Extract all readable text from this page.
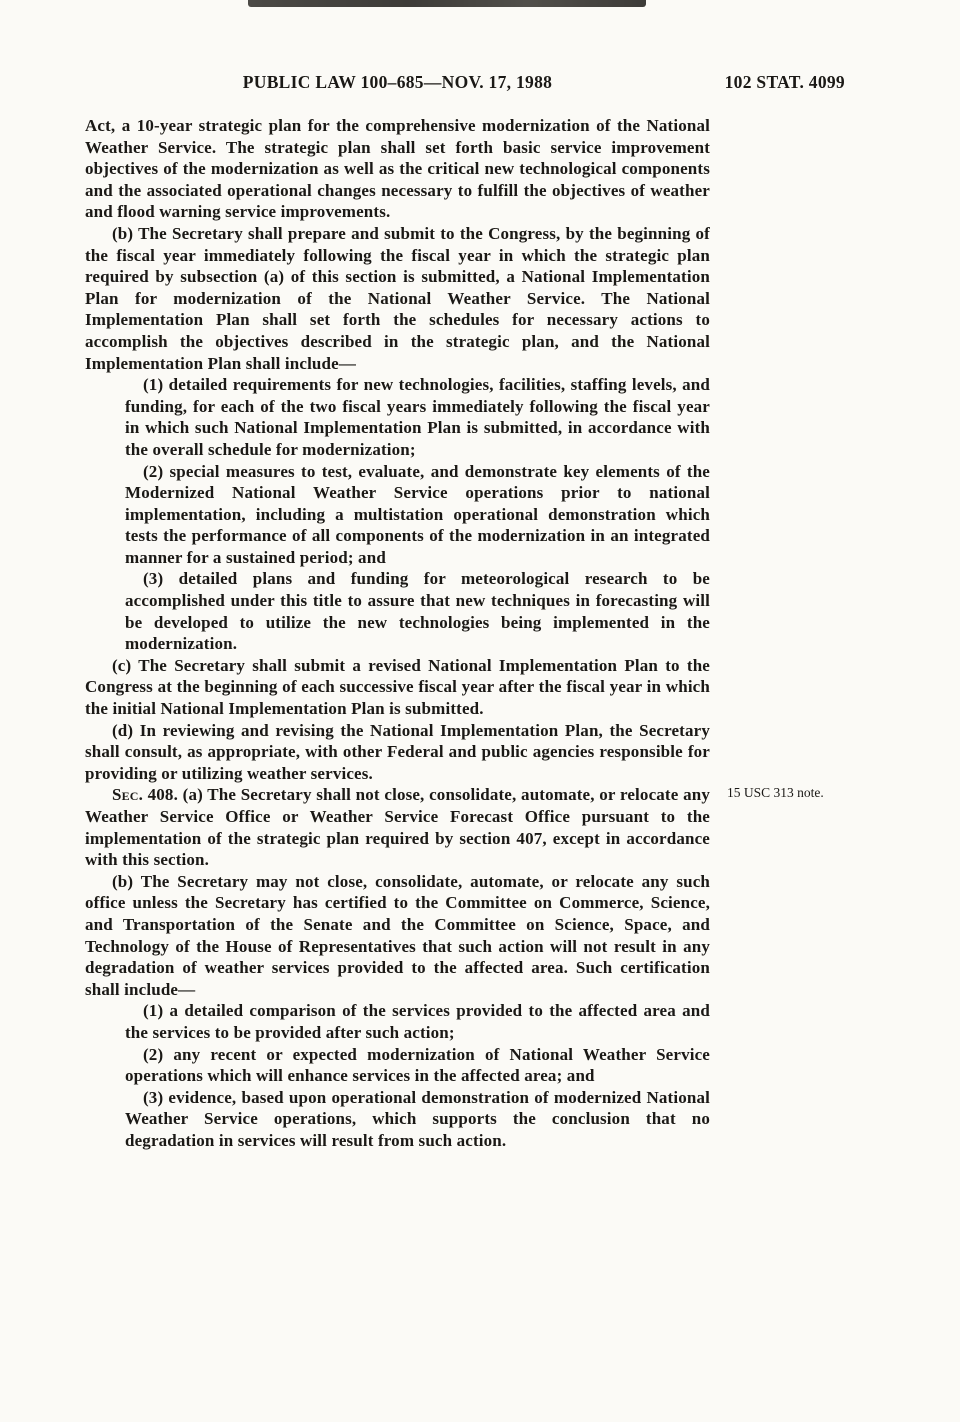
PUBLIC LAW 100–685—NOV. 17, 1988	102 STAT. 4099

Act, a 10-year strategic plan for the comprehensive modernization of the National Weather Service. The strategic plan shall set forth basic service improvement objectives of the modernization as well as the critical new technological components and the associated operational changes necessary to fulfill the objectives of weather and flood warning service improvements.

(b) The Secretary shall prepare and submit to the Congress, by the beginning of the fiscal year immediately following the fiscal year in which the strategic plan required by subsection (a) of this section is submitted, a National Implementation Plan for modernization of the National Weather Service. The National Implementation Plan shall set forth the schedules for necessary actions to accomplish the objectives described in the strategic plan, and the National Implementation Plan shall include—

(1) detailed requirements for new technologies, facilities, staffing levels, and funding, for each of the two fiscal years immediately following the fiscal year in which such National Implementation Plan is submitted, in accordance with the overall schedule for modernization;

(2) special measures to test, evaluate, and demonstrate key elements of the Modernized National Weather Service operations prior to national implementation, including a multistation operational demonstration which tests the performance of all components of the modernization in an integrated manner for a sustained period; and

(3) detailed plans and funding for meteorological research to be accomplished under this title to assure that new techniques in forecasting will be developed to utilize the new technologies being implemented in the modernization.

(c) The Secretary shall submit a revised National Implementation Plan to the Congress at the beginning of each successive fiscal year after the fiscal year in which the initial National Implementation Plan is submitted.

(d) In reviewing and revising the National Implementation Plan, the Secretary shall consult, as appropriate, with other Federal and public agencies responsible for providing or utilizing weather services.

Sec. 408. (a) The Secretary shall not close, consolidate, automate, or relocate any Weather Service Office or Weather Service Forecast Office pursuant to the implementation of the strategic plan required by section 407, except in accordance with this section.
15 USC 313 note.

(b) The Secretary may not close, consolidate, automate, or relocate any such office unless the Secretary has certified to the Committee on Commerce, Science, and Transportation of the Senate and the Committee on Science, Space, and Technology of the House of Representatives that such action will not result in any degradation of weather services provided to the affected area. Such certification shall include—

(1) a detailed comparison of the services provided to the affected area and the services to be provided after such action;

(2) any recent or expected modernization of National Weather Service operations which will enhance services in the affected area; and

(3) evidence, based upon operational demonstration of modernized National Weather Service operations, which supports the conclusion that no degradation in services will result from such action.
